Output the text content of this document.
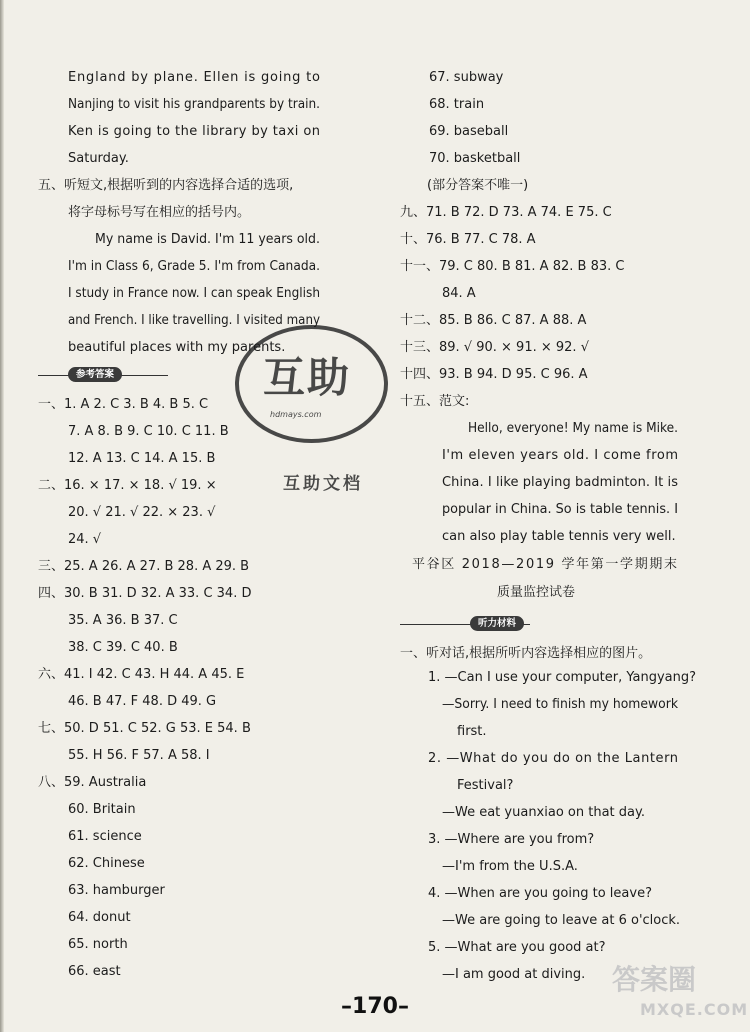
互助
hdmays.com
互助文档
–170–
答案圈
MXQE.COM
England by plane. Ellen is going to
Nanjing to visit his grandparents by train.
Ken is going to the library by taxi on
Saturday.
五、听短文,根据听到的内容选择合适的选项,
将字母标号写在相应的括号内。
My name is David. I'm 11 years old.
I'm in Class 6, Grade 5. I'm from Canada.
I study in France now. I can speak English
and French. I like travelling. I visited many
beautiful places with my parents.
一、1. A 2. C 3. B 4. B 5. C
7. A 8. B 9. C 10. C 11. B
12. A 13. C 14. A 15. B
二、16. × 17. × 18. √ 19. ×
20. √ 21. √ 22. × 23. √
24. √
三、25. A 26. A 27. B 28. A 29. B
四、30. B 31. D 32. A 33. C 34. D
35. A 36. B 37. C
38. C 39. C 40. B
六、41. I 42. C 43. H 44. A 45. E
46. B 47. F 48. D 49. G
七、50. D 51. C 52. G 53. E 54. B
55. H 56. F 57. A 58. I
八、59. Australia
60. Britain
61. science
62. Chinese
63. hamburger
64. donut
65. north
66. east
67. subway
68. train
69. baseball
70. basketball
(部分答案不唯一)
九、71. B 72. D 73. A 74. E 75. C
十、76. B 77. C 78. A
十一、79. C 80. B 81. A 82. B 83. C
84. A
十二、85. B 86. C 87. A 88. A
十三、89. √ 90. × 91. × 92. √
十四、93. B 94. D 95. C 96. A
十五、范文:
Hello, everyone! My name is Mike.
I'm eleven years old. I come from
China. I like playing badminton. It is
popular in China. So is table tennis. I
can also play table tennis very well.
平谷区 2018—2019 学年第一学期期末
质量监控试卷
一、听对话,根据所听内容选择相应的图片。
1. —Can I use your computer, Yangyang?
—Sorry. I need to finish my homework
first.
2. —What do you do on the Lantern
Festival?
—We eat yuanxiao on that day.
3. —Where are you from?
—I'm from the U.S.A.
4. —When are you going to leave?
—We are going to leave at 6 o'clock.
5. —What are you good at?
—I am good at diving.
参考答案
听力材料
